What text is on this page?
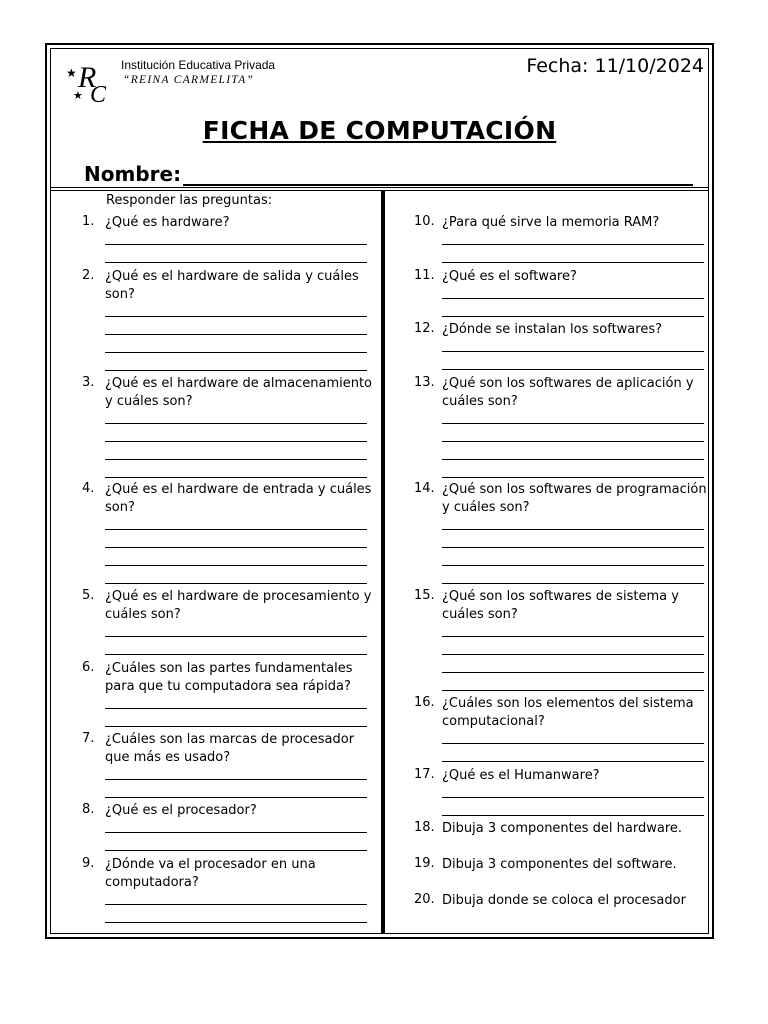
★ R
★ C
Institución Educativa Privada
“REINA CARMELITA”
Fecha: 11/10/2024
FICHA DE COMPUTACIÓN
Nombre:
Responder las preguntas:
1. ¿Qué es hardware?
2. ¿Qué es el hardware de salida y cuáles son?
3. ¿Qué es el hardware de almacenamiento y cuáles son?
4. ¿Qué es el hardware de entrada y cuáles son?
5. ¿Qué es el hardware de procesamiento y cuáles son?
6. ¿Cuáles son las partes fundamentales para que tu computadora sea rápida?
7. ¿Cuáles son las marcas de procesador que más es usado?
8. ¿Qué es el procesador?
9. ¿Dónde va el procesador en una computadora?
10. ¿Para qué sirve la memoria RAM?
11. ¿Qué es el software?
12. ¿Dónde se instalan los softwares?
13. ¿Qué son los softwares de aplicación y cuáles son?
14. ¿Qué son los softwares de programación y cuáles son?
15. ¿Qué son los softwares de sistema y cuáles son?
16. ¿Cuáles son los elementos del sistema computacional?
17. ¿Qué es el Humanware?
18. Dibuja 3 componentes del hardware.
19. Dibuja 3 componentes del software.
20. Dibuja donde se coloca el procesador
